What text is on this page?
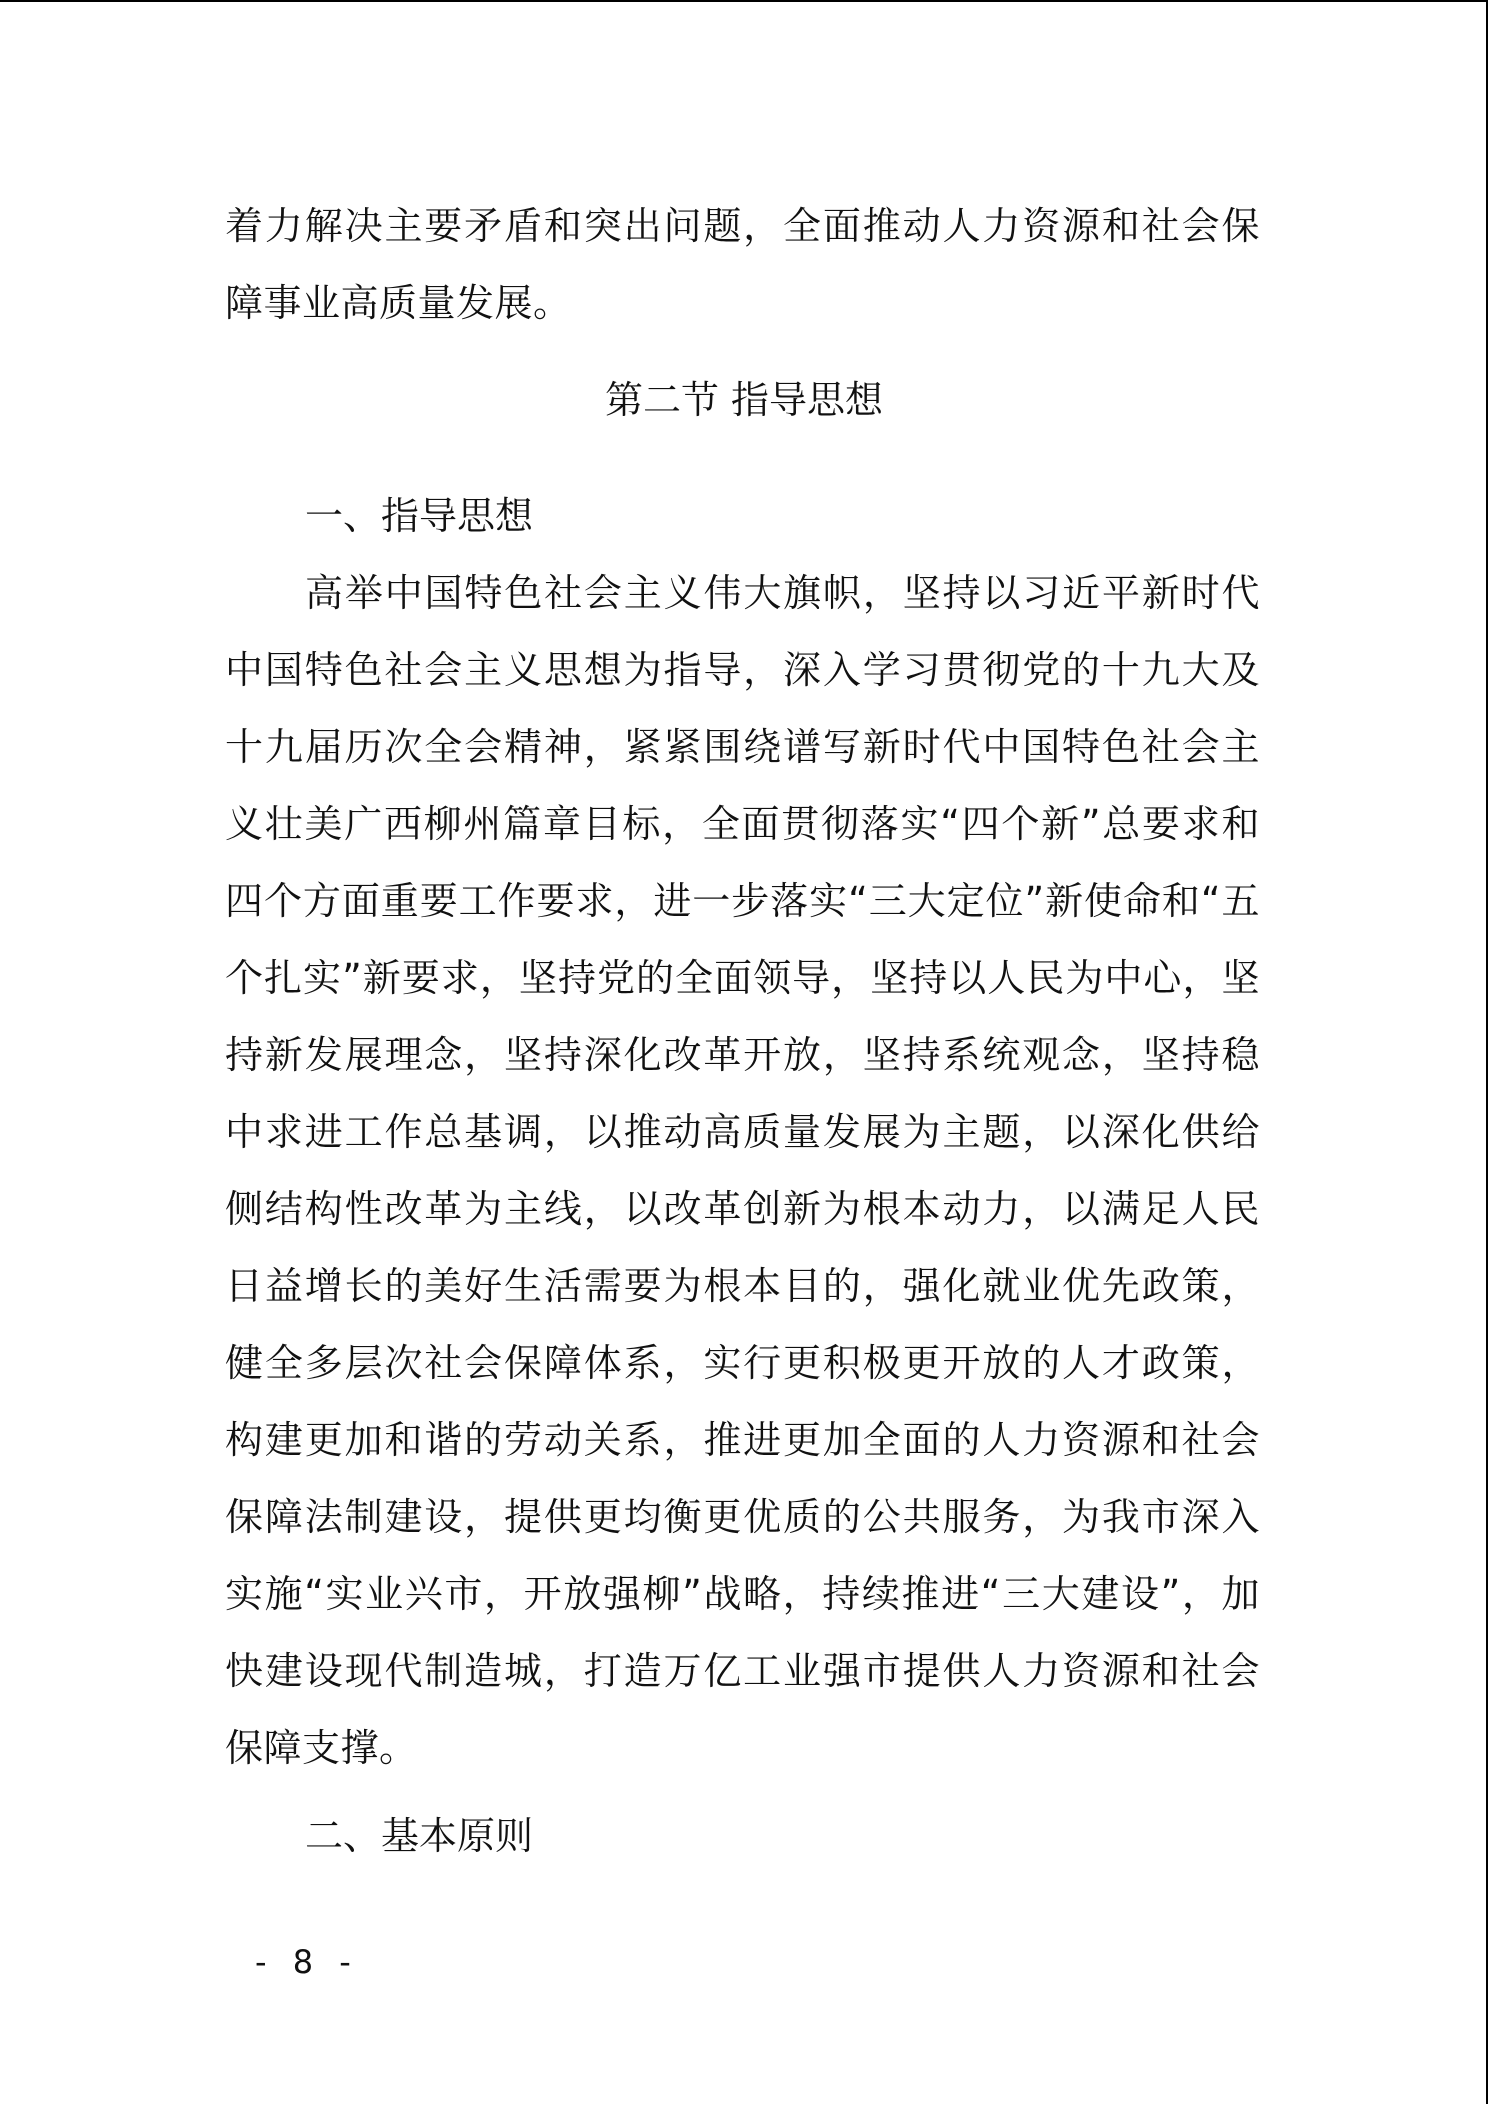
着力解决主要矛盾和突出问题，全面推动人力资源和社会保障事业高质量发展。

第二节 指导思想
一、指导思想

高举中国特色社会主义伟大旗帜，坚持以习近平新时代中国特色社会主义思想为指导，深入学习贯彻党的十九大及十九届历次全会精神，紧紧围绕谱写新时代中国特色社会主义壮美广西柳州篇章目标，全面贯彻落实“四个新”总要求和四个方面重要工作要求，进一步落实“三大定位”新使命和“五个扎实”新要求，坚持党的全面领导，坚持以人民为中心，坚持新发展理念，坚持深化改革开放，坚持系统观念，坚持稳中求进工作总基调，以推动高质量发展为主题，以深化供给侧结构性改革为主线，以改革创新为根本动力，以满足人民日益增长的美好生活需要为根本目的，强化就业优先政策，健全多层次社会保障体系，实行更积极更开放的人才政策，构建更加和谐的劳动关系，推进更加全面的人力资源和社会保障法制建设，提供更均衡更优质的公共服务，为我市深入实施“实业兴市，开放强柳”战略，持续推进“三大建设”，加快建设现代制造城，打造万亿工业强市提供人力资源和社会保障支撑。

二、基本原则
- 8 -
